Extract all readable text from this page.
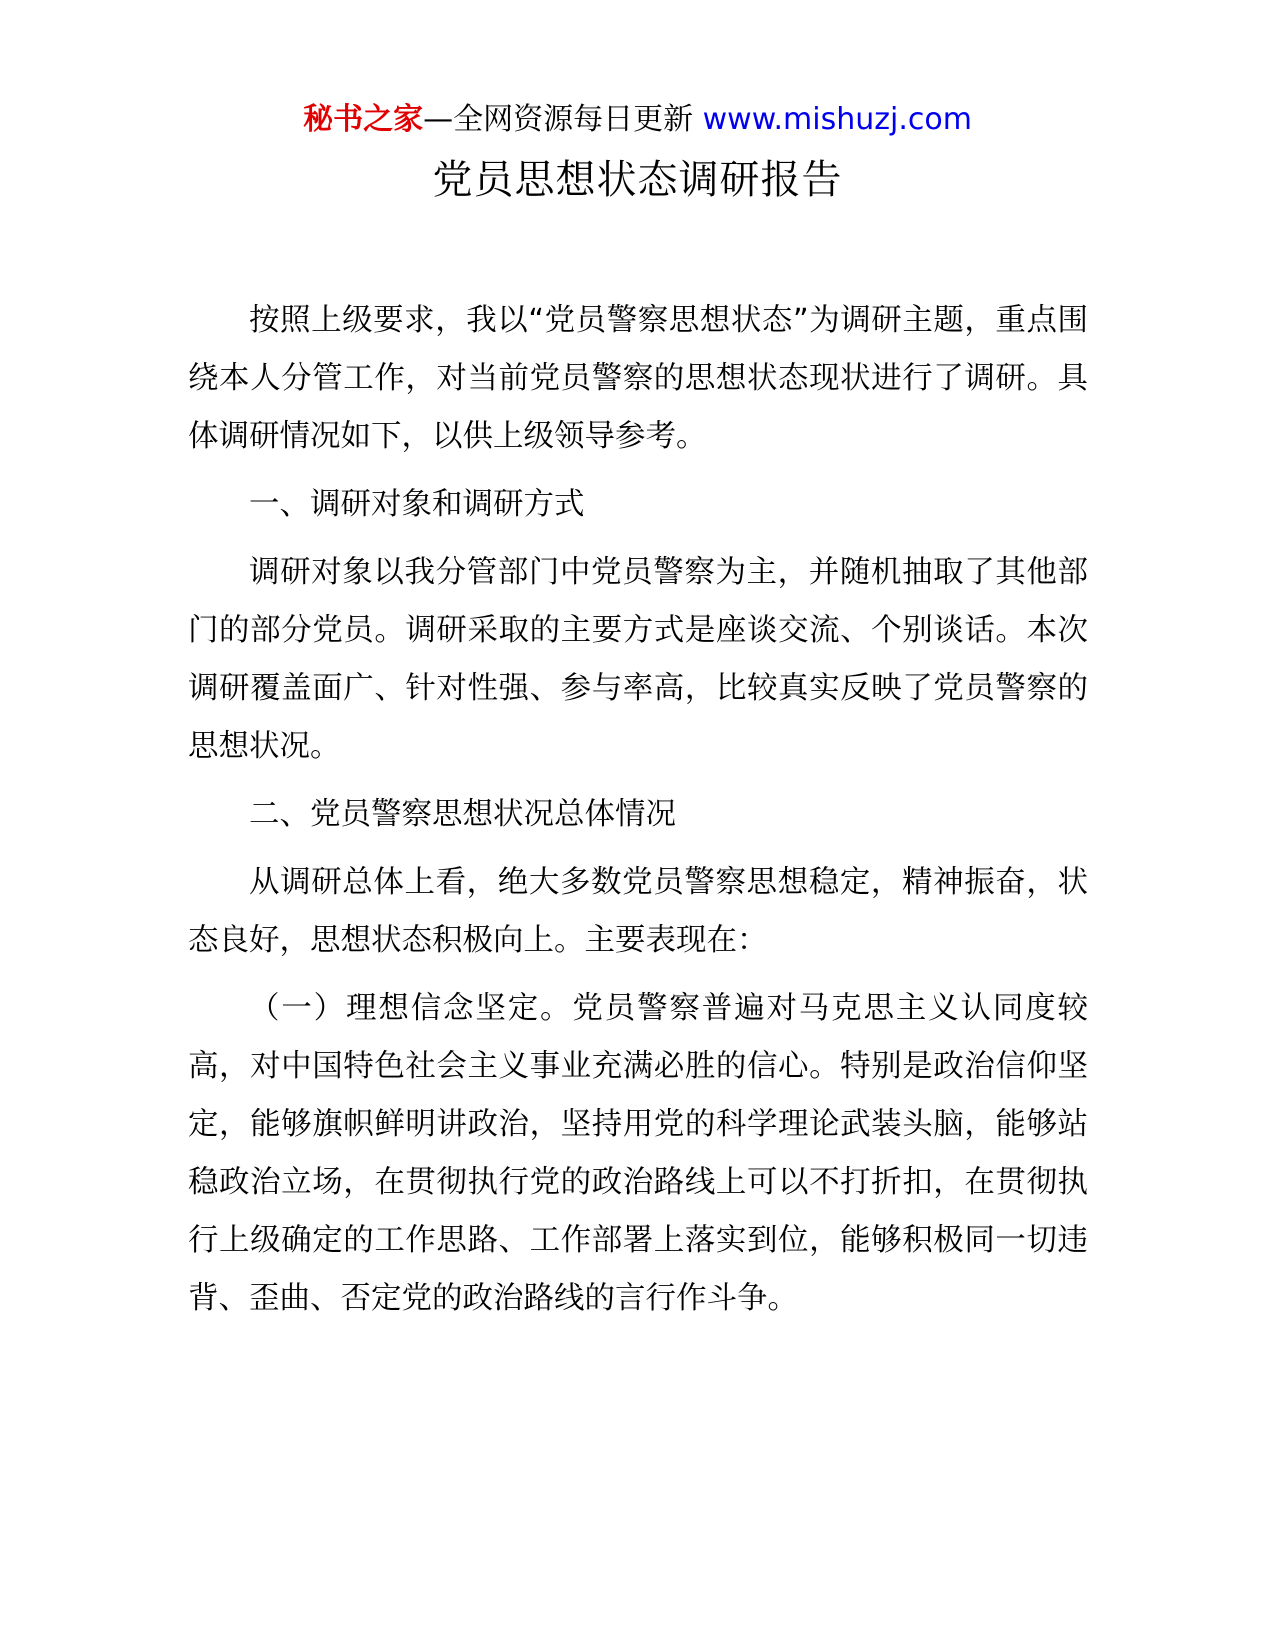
秘书之家—全网资源每日更新 www.mishuzj.com
党员思想状态调研报告

按照上级要求，我以“党员警察思想状态”为调研主题，重点围绕本人分管工作，对当前党员警察的思想状态现状进行了调研。具体调研情况如下，以供上级领导参考。

一、调研对象和调研方式

调研对象以我分管部门中党员警察为主，并随机抽取了其他部门的部分党员。调研采取的主要方式是座谈交流、个别谈话。本次调研覆盖面广、针对性强、参与率高，比较真实反映了党员警察的思想状况。

二、党员警察思想状况总体情况

从调研总体上看，绝大多数党员警察思想稳定，精神振奋，状态良好，思想状态积极向上。主要表现在：

（一）理想信念坚定。党员警察普遍对马克思主义认同度较高，对中国特色社会主义事业充满必胜的信心。特别是政治信仰坚定，能够旗帜鲜明讲政治，坚持用党的科学理论武装头脑，能够站稳政治立场，在贯彻执行党的政治路线上可以不打折扣，在贯彻执行上级确定的工作思路、工作部署上落实到位，能够积极同一切违背、歪曲、否定党的政治路线的言行作斗争。
